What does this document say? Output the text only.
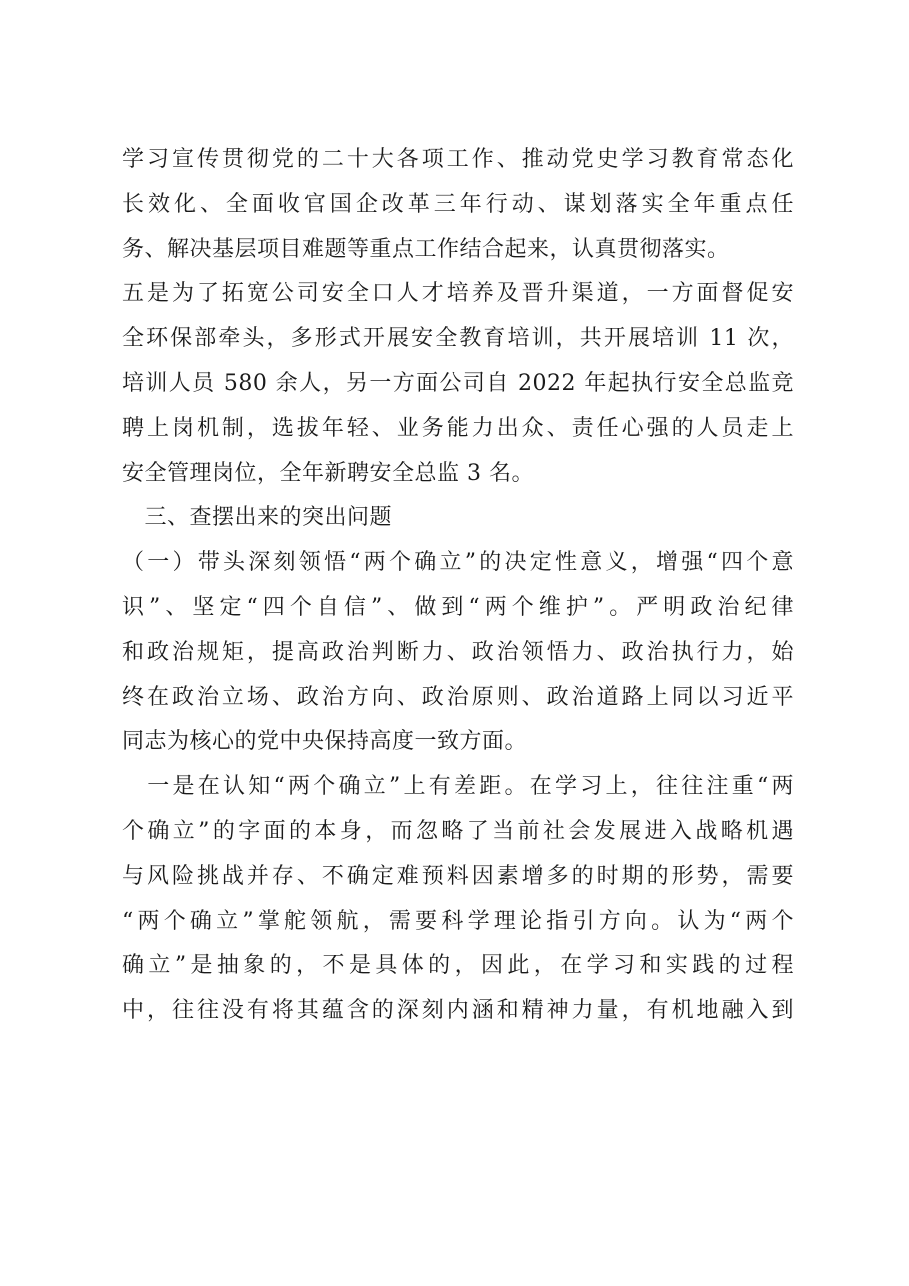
学习宣传贯彻党的二十大各项工作、推动党史学习教育常态化
长效化、全面收官国企改革三年行动、谋划落实全年重点任
务、解决基层项目难题等重点工作结合起来，认真贯彻落实。
五是为了拓宽公司安全口人才培养及晋升渠道，一方面督促安
全环保部牵头，多形式开展安全教育培训，共开展培训 11 次，
培训人员 580 余人，另一方面公司自 2022 年起执行安全总监竞
聘上岗机制，选拔年轻、业务能力出众、责任心强的人员走上
安全管理岗位，全年新聘安全总监 3 名。
　三、查摆出来的突出问题
（一）带头深刻领悟“两个确立”的决定性意义，增强“四个意
识”、坚定“四个自信”、做到“两个维护”。严明政治纪律
和政治规矩，提高政治判断力、政治领悟力、政治执行力，始
终在政治立场、政治方向、政治原则、政治道路上同以习近平
同志为核心的党中央保持高度一致方面。
　一是在认知“两个确立”上有差距。在学习上，往往注重“两
个确立”的字面的本身，而忽略了当前社会发展进入战略机遇
与风险挑战并存、不确定难预料因素增多的时期的形势，需要
“两个确立”掌舵领航，需要科学理论指引方向。认为“两个
确立”是抽象的，不是具体的，因此，在学习和实践的过程
中，往往没有将其蕴含的深刻内涵和精神力量，有机地融入到
